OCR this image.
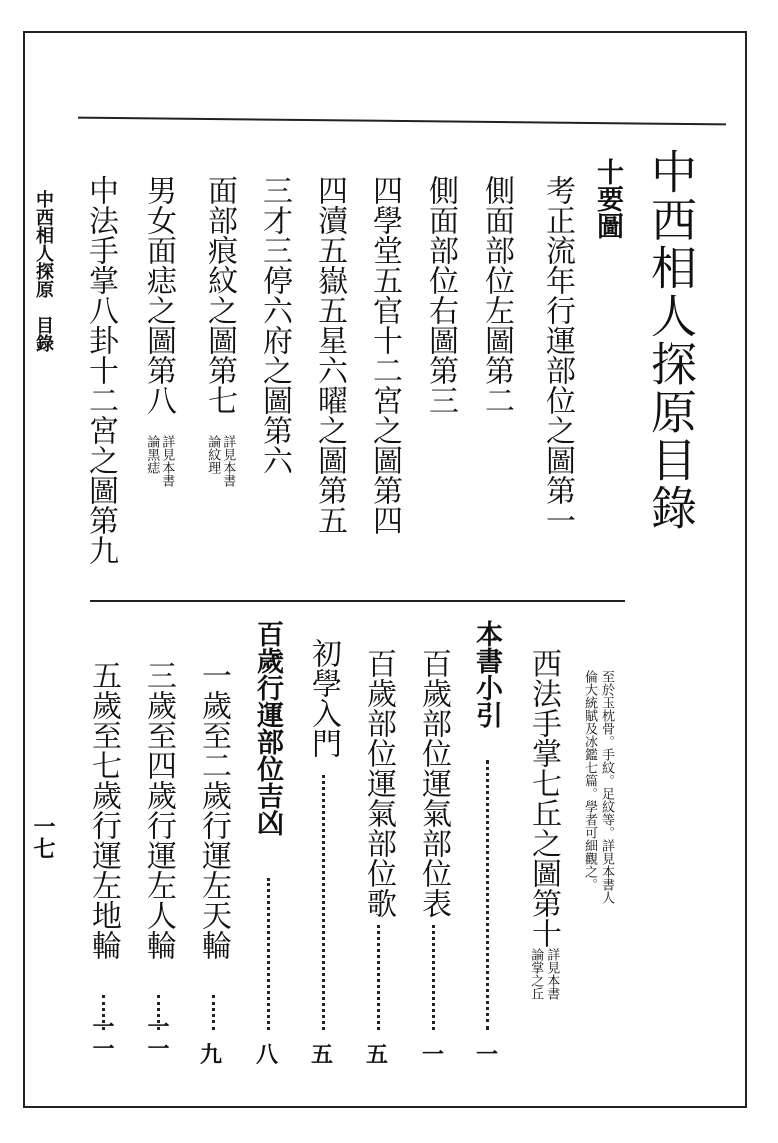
中西相人探原目錄
十要圖
考正流年行運部位之圖第一
側面部位左圖第二
側面部位右圖第三
四學堂五官十二宮之圖第四
四瀆五嶽五星六曜之圖第五
三才三停六府之圖第六
面部痕紋之圖第七
詳見本書
論紋理
男女面痣之圖第八
詳見本書
論黑痣
中法手掌八卦十二宮之圖第九
中西相人探原　目錄
至於玉枕骨。手紋。足紋等。詳見本書人
倫大統賦及冰鑑七篇。學者可細觀之。
西法手掌七丘之圖第十
詳見本書
論掌之丘
本書小引
一
百歲部位運氣部位表
一
百歲部位運氣部位歌
五
初學入門
五
百歲行運部位吉凶
八
一歲至二歲行運左天輪
九
三歲至四歲行運左人輪
一一
五歲至七歲行運左地輪
一一
一七
